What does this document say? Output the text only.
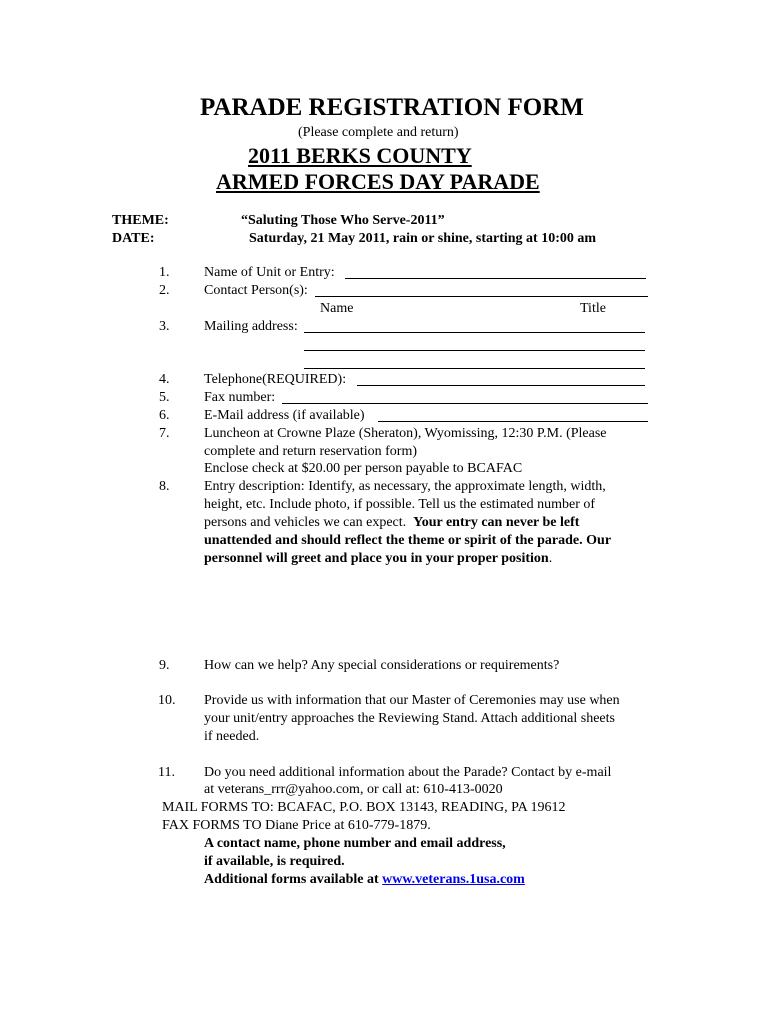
PARADE REGISTRATION FORM
(Please complete and return)
2011 BERKS COUNTY
ARMED FORCES DAY PARADE
THEME:	“Saluting Those Who Serve-2011”
DATE:	Saturday, 21 May 2011, rain or shine, starting at 10:00 am
1. Name of Unit or Entry:
2. Contact Person(s):
Name	Title
3. Mailing address:
4. Telephone(REQUIRED):
5. Fax number:
6. E-Mail address (if available)
7. Luncheon at Crowne Plaze (Sheraton), Wyomissing, 12:30 P.M. (Please
complete and return reservation form)
Enclose check at $20.00 per person payable to BCAFAC
8. Entry description: Identify, as necessary, the approximate length, width,
height, etc. Include photo, if possible. Tell us the estimated number of
persons and vehicles we can expect. Your entry can never be left
unattended and should reflect the theme or spirit of the parade. Our
personnel will greet and place you in your proper position.
9. How can we help? Any special considerations or requirements?
10. Provide us with information that our Master of Ceremonies may use when
your unit/entry approaches the Reviewing Stand. Attach additional sheets
if needed.
11. Do you need additional information about the Parade? Contact by e-mail
at veterans_rrr@yahoo.com, or call at: 610-413-0020
MAIL FORMS TO: BCAFAC, P.O. BOX 13143, READING, PA 19612
FAX FORMS TO Diane Price at 610-779-1879.
A contact name, phone number and email address,
if available, is required.
Additional forms available at www.veterans.1usa.com
